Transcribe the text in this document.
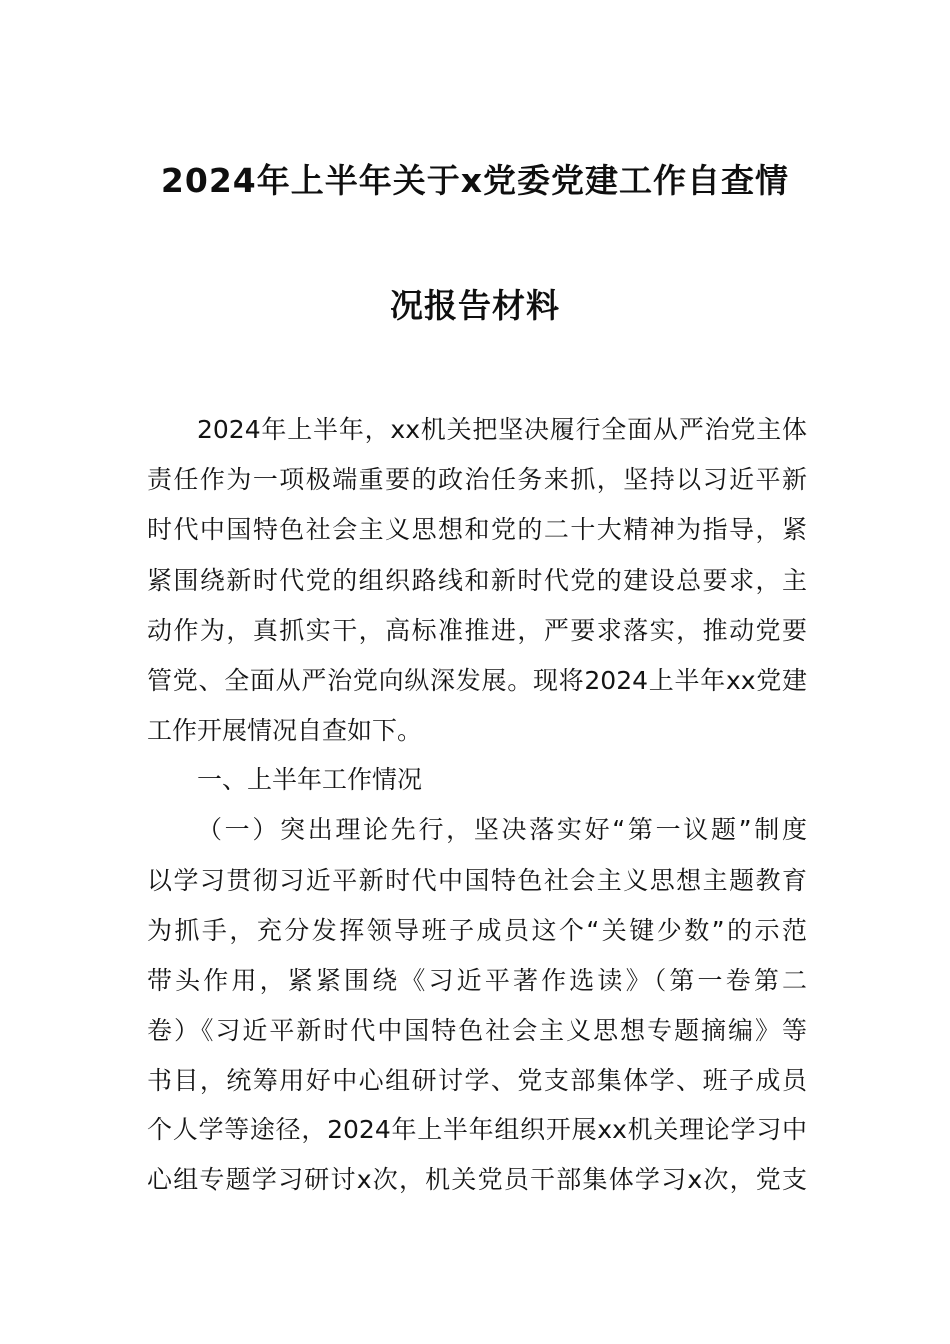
2024年上半年关于x党委党建工作自查情
况报告材料
2024年上半年，xx机关把坚决履行全面从严治党主体
责任作为一项极端重要的政治任务来抓，坚持以习近平新
时代中国特色社会主义思想和党的二十大精神为指导，紧
紧围绕新时代党的组织路线和新时代党的建设总要求，主
动作为，真抓实干，高标准推进，严要求落实，推动党要
管党、全面从严治党向纵深发展。现将2024上半年xx党建
工作开展情况自查如下。
一、上半年工作情况
（一）突出理论先行，坚决落实好“第一议题”制度
以学习贯彻习近平新时代中国特色社会主义思想主题教育
为抓手，充分发挥领导班子成员这个“关键少数”的示范
带头作用，紧紧围绕《习近平著作选读》（第一卷第二
卷）《习近平新时代中国特色社会主义思想专题摘编》等
书目，统筹用好中心组研讨学、党支部集体学、班子成员
个人学等途径，2024年上半年组织开展xx机关理论学习中
心组专题学习研讨x次，机关党员干部集体学习x次，党支
